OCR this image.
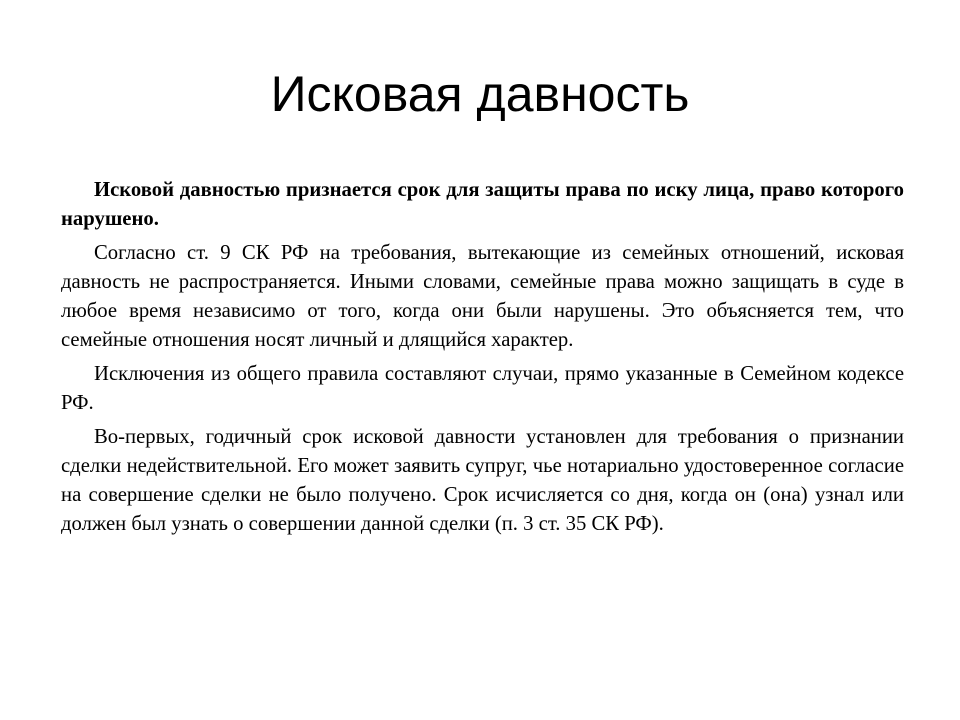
Исковая давность

Исковой давностью признается срок для защиты права по иску лица, право которого нарушено.

Согласно ст. 9 СК РФ на требования, вытекающие из семейных отношений, исковая давность не распространяется. Иными словами, семейные права можно защищать в суде в любое время независимо от того, когда они были нарушены. Это объясняется тем, что семейные отношения носят личный и длящийся характер.

Исключения из общего правила составляют случаи, прямо указанные в Семейном кодексе РФ.

Во-первых, годичный срок исковой давности установлен для требования о признании сделки недействительной. Его может заявить супруг, чье нотариально удостоверенное согласие на совершение сделки не было получено. Срок исчисляется со дня, когда он (она) узнал или должен был узнать о совершении данной сделки (п. 3 ст. 35 СК РФ).
